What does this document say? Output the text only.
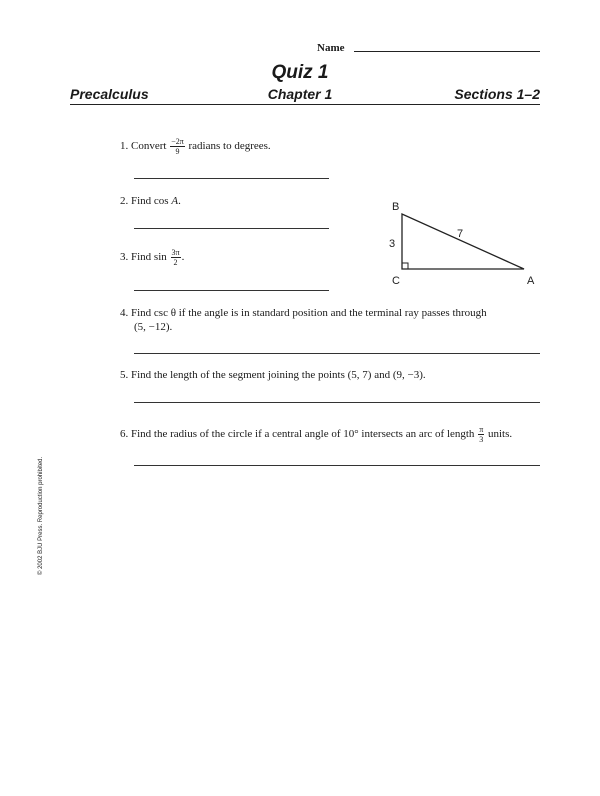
Name
Quiz 1
Precalculus	Chapter 1	Sections 1–2
1. Convert $\frac{-2\pi}{9}$ radians to degrees.
2. Find cos A.
3. Find $\sin \frac{3\pi}{2}$ .
B
C	A
3
7
4. Find csc θ if the angle is in standard position and the terminal ray passes through
(5, −12).
5. Find the length of the segment joining the points (5, 7) and (9, −3).
6. Find the radius of the circle if a central angle of 10° intersects an arc of length $\frac{\pi}{3}$ units.
© 2002 BJU Press. Reproduction prohibited.
